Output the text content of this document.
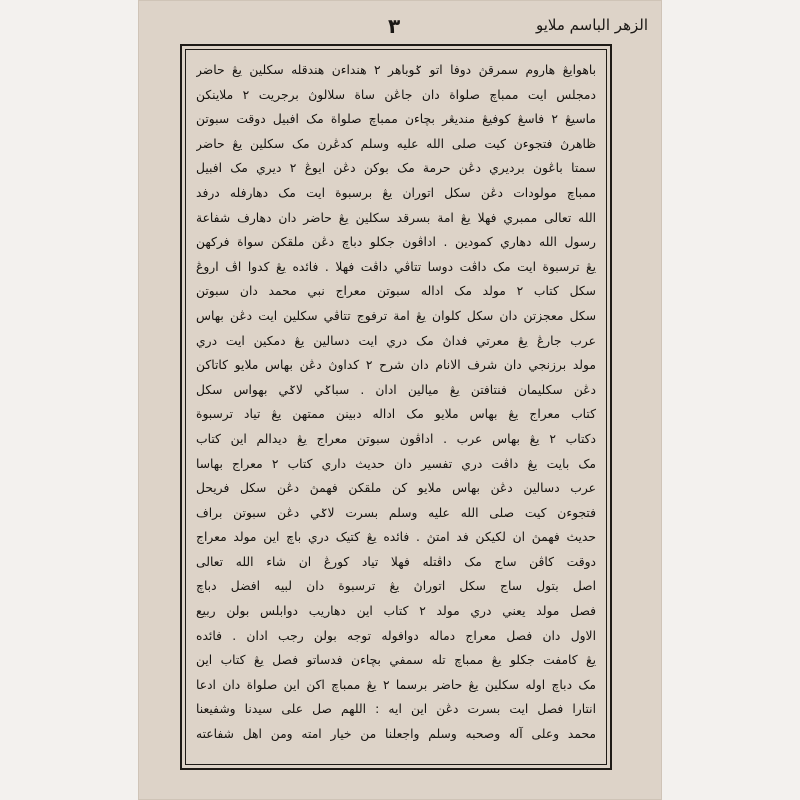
الزهر الباسم ملايو
٣
باهوايڠ هاروم سمرقڽ دوفا اتو ݢوباهر ٢ هنداءن هندقله سکلين يڠ حاضر
دمجلس ايت ممباچ صلواة دان جاڠن ساة سلالوڽ برجريت ٢ ملاينکن
ماسيڠ ٢ فاسڠ کوفيڠ منديڠر بچاءن ممباچ صلواة مک افبيل دوقت سبوتن
ظاهرڽ فتجوءن کيت صلى الله عليه وسلم کدڠرن مک سکلين يڠ حاضر
سمتا باڠون برديري دڠن حرمة مک بوکن دڠن ايوڠ ٢ ديري مک افبيل
ممباچ مولودات دڠن سکل اتوران يڠ برسبوة ايت مک دهارفله درفد
الله تعالى ممبري فهلا يڠ امة بسرقد سکلين يڠ حاضر دان دهارف شفاعة
رسول الله دهاري کمودين . اداڤون جکلو دباچ دڠن ملقکن سواة فرکهن
يڠ ترسبوة ايت مک داڤت دوسا تتاڤي داڤت فهلا . فائده يڠ کدوا اڤ اروڠ
سکل کتاب ٢ مولد مک اداله سبوتن معراج نبي محمد دان سبوتن
سکل معجزتن دان سکل کلوان يڠ امة ترفوج تتاڤي سکلين ايت دڠن بهاس
عرب جارڠ يڠ معرتي فداڽ مک دري ايت دسالين يڠ دمکين ايت دري
مولد برزنجي دان شرف الانام دان شرح ٢ کداوڽ دڠن بهاس ملايو کاتاکن
دڠن سکليمان فنتافتن يڠ ميالين ادان . سباݢي لاݢي بهواس سکل
کتاب معراج يڠ بهاس ملايو مک اداله دبينن ممتهن يڠ تياد ترسبوة
دکتاب ٢ يڠ بهاس عرب . اداڤون سبوتن معراج يڠ ديدالم اين کتاب
مک بايت يڠ داڤت دري تفسير دان حديث داري کتاب ٢ معراج بهاسا
عرب دسالين دڠن بهاس ملايو کن ملقکن فهمڽ دڠن سکل فريحل
فتجوءن کيت صلى الله عليه وسلم بسرت لاݢي دڠن سبوتن براف
حديث فهمڽ ان لکيکن فد امتڽ . فائده يڠ کتيک دري باچ اين مولد معراج
دوقت کاڤن ساج مک داڤتله فهلا تياد کورڠ ان شاء الله تعالى
اصل بتول ساج سکل اتوراڽ يڠ ترسبوة دان لبيه افضل دباچ
فصل مولد يعني دري مولد ٢ کتاب اين دهاريب دوابلس بولن ربيع
الاول دان فصل معراج دماله دوافوله توجه بولن رجب ادان . فائده
يڠ کامفت جکلو يڠ ممباچ تله سمفي بچاءن فدساتو فصل يڠ کتاب اين
مک دباچ اوله سکلين يڠ حاضر برسما ٢ يڠ ممباچ اکن اين صلواة دان ادعا
انتارا فصل ايت بسرت دڠن اين ايه : اللهم صل على سيدنا وشفيعنا
محمد وعلى آله وصحبه وسلم واجعلنا من خيار امته ومن اهل شفاعته
